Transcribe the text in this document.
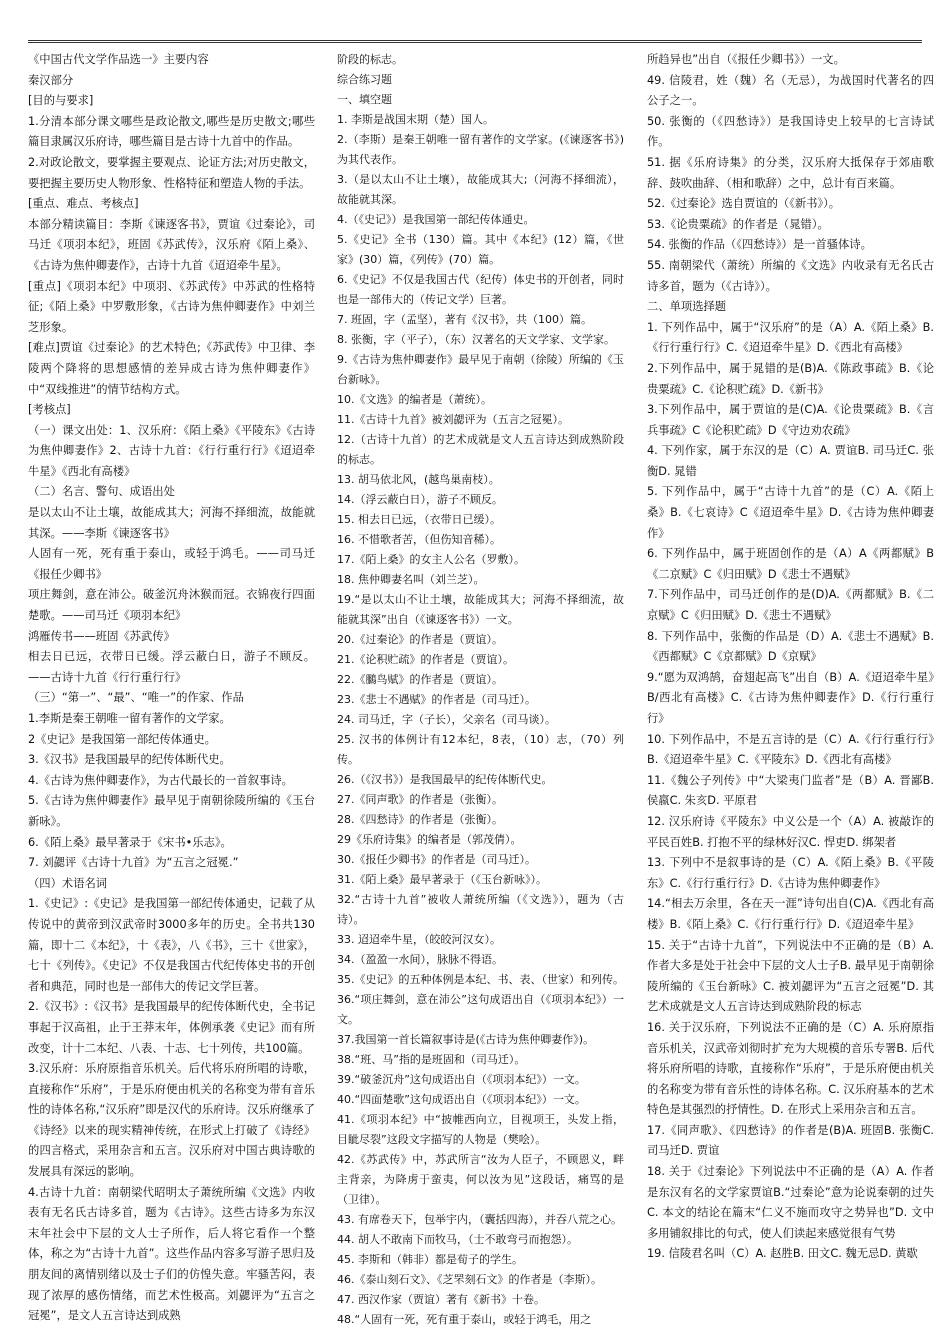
《中国古代文学作品选一》主要内容

秦汉部分

[目的与要求]

1.分清本部分课文哪些是政论散文,哪些是历史散文;哪些篇目隶属汉乐府诗，哪些篇目是古诗十九首中的作品。

2.对政论散文，要掌握主要观点、论证方法;对历史散文，要把握主要历史人物形象、性格特征和塑造人物的手法。

[重点、难点、考核点]

本部分精读篇目：李斯《谏逐客书》，贾谊《过秦论》，司马迁《项羽本纪》，班固《苏武传》，汉乐府《陌上桑》、《古诗为焦仲卿妻作》，古诗十九首《迢迢牵牛星》。

[重点]《项羽本纪》中项羽、《苏武传》中苏武的性格特征;《陌上桑》中罗敷形象，《古诗为焦仲卿妻作》中刘兰芝形象。

[难点]贾谊《过秦论》的艺术特色;《苏武传》中卫律、李陵两个降将的思想感情的差异成古诗为焦仲卿妻作》中“双线推进”的情节结构方式。

[考核点]

（一）课文出处：1、汉乐府：《陌上桑》《平陵东》《古诗为焦仲卿妻作》2、古诗十九首：《行行重行行》《迢迢牵牛星》《西北有高楼》

（二）名言、警句、成语出处

是以太山不让土壤，故能成其大；河海不择细流，故能就其深。——李斯《谏逐客书》

人固有一死，死有重于泰山，或轻于鸿毛。——司马迁《报任少卿书》

项庄舞剑，意在沛公。破釜沉舟沐猴而冠。衣锦夜行四面楚歌。——司马迁《项羽本纪》

鸿雁传书——班固《苏武传》

相去日已远，衣带日已缓。浮云蔽白日，游子不顾反。——古诗十九首《行行重行行》

（三）“第一”、“最”、“唯一”的作家、作品

1.李斯是秦王朝唯一留有著作的文学家。

2《史记》是我国第一部纪传体通史。

3.《汉书》是我国最早的纪传体断代史。

4.《古诗为焦仲卿妻作》，为古代最长的一首叙事诗。

5.《古诗为焦仲卿妻作》最早见于南朝徐陵所编的《玉台新咏》。

6.《陌上桑》最早著录于《宋书•乐志》。

7. 刘勰评《古诗十九首》为“五言之冠冕.”

（四）术语名词

1.《史记》:《史记》是我国第一部纪传体通史，记载了从传说中的黄帝到汉武帝时3000多年的历史。全书共130篇，即十二《本纪》，十《表》，八《书》，三十《世家》，七十《列传》。《史记》不仅是我国古代纪传体史书的开创者和典范，同时也是一部伟大的传记文学巨著。

2.《汉书》:《汉书》是我国最早的纪传体断代史，全书记事起于汉高祖，止于王莽末年，体例承袭《史记》而有所改变，计十二本纪、八表、十志、七十列传，共100篇。

3.汉乐府：乐府原指音乐机关。后代将乐府所唱的诗歌，直接称作“乐府”，于是乐府便由机关的名称变为带有音乐性的诗体名称,“汉乐府”即是汉代的乐府诗。汉乐府继承了《诗经》以来的现实精神传统，在形式上打破了《诗经》的四言格式，采用杂言和五言。汉乐府对中国古典诗歌的发展具有深远的影响。

4.古诗十九首：南朝梁代昭明太子萧统所编《文选》内收表有无名氏古诗多首，题为《古诗》。这些古诗多为东汉末年社会中下层的文人士子所作，后人将它看作一个整体，称之为“古诗十九首”。这些作品内容多写游子思归及朋友间的离情别绪以及士子们的仿惶失意。牢骚苦闷，表现了浓厚的感伤情绪，而艺术性极高。刘勰评为“五言之冠冕”，是文人五言诗达到成熟

阶段的标志。

综合练习题

一、填空题

1. 李斯是战国末期（楚）国人。

2.（李斯）是秦王朝唯一留有著作的文学家。(《谏逐客书》)为其代表作。

3.（是以太山不让土壤），故能成其大;（河海不择细流），故能就其深。

4.（《史记》）是我国第一部纪传体通史。

5.《史记》全书（130）篇。其中《本纪》(12）篇，《世家》(30）篇，《列传》(70）篇。

6.《史记》不仅是我国古代（纪传）体史书的开创者，同时也是一部伟大的（传记文学）巨著。

7. 班固，字（孟坚），著有《汉书》，共（100）篇。

8. 张衡，字（平子），（东）汉著名的天文学家、文学家。

9.《古诗为焦仲卿妻作》最早见于南朝（徐陵）所编的《玉台新咏》。

10.《文选》的编者是（萧统）。

11.《古诗十九首》被刘勰评为（五言之冠冕）。

12.（古诗十九首）的艺术成就是文人五言诗达到成熟阶段的标志。

13. 胡马依北风，(越鸟巢南枝）。

14.（浮云蔽白日），游子不顾反。

15. 相去日已远，（衣带日已缓）。

16. 不惜歌者苦，（但伤知音稀）。

17.《陌上桑》的女主人公名（罗敷）。

18. 焦仲卿妻名叫（刘兰芝）。

19.“是以太山不让土壤，故能成其大；河海不择细流，故能就其深”出自（《谏逐客书》）一文。

20.《过秦论》的作者是（贾谊）。

21.《论积贮疏》的作者是（贾谊）。

22.《鵩鸟赋》的作者是（贾谊）。

23.《悲士不遇赋》的作者是（司马迁）。

24. 司马迁，字（子长），父亲名（司马谈）。

25. 汉书的体例计有12本纪，8表，（10）志，（70）列传。

26.（《汉书》）是我国最早的纪传体断代史。

27.《同声歌》的作者是（张衡）。

28.《四愁诗》的作者是（张衡）。

29《乐府诗集》的编者是（郭茂倩）。

30.《报任少卿书》的作者是（司马迁）。

31.《陌上桑》最早著录于（《玉台新咏》）。

32.“古诗十九首”被收人萧统所编（《文选》），题为（古诗）。

33. 迢迢牵牛星，（皎皎河汉女）。

34.（盈盈一水间），脉脉不得语。

35.《史记》的五种体例是本纪、书、表、（世家）和列传。

36.“项庄舞剑，意在沛公”这句成语出自（《项羽本纪》）一文。

37.我国第一首长篇叙事诗是(《古诗为焦仲卿妻作》)。

38.“班、马”指的是班固和（司马迁）。

39.“破釜沉舟”这句成语出自（《项羽本纪》）一文。

40.“四面楚歌”这句成语出自（《项羽本纪》）一文。

41.《项羽本纪》中“披帷西向立，目视项王，头发上指，目眦尽裂”这段文字描写的人物是（樊哙）。

42.《苏武传》中，苏武所言“汝为人臣子，不顾恩义，畔主背亲，为降虏于蛮夷，何以汝为见”这段话，痛骂的是（卫律）。

43. 有席卷天下，包举宇内，（囊括四海），并吞八荒之心。

44. 胡人不敢南下而牧马，（士不敢弯弓而抱怨）。

45. 李斯和（韩非）都是荀子的学生。

46.《泰山刻石文》、《芝罘刻石文》的作者是（李斯）。

47. 西汉作家（贾谊）著有《新书》十卷。

48.“人固有一死，死有重于泰山，或轻于鸿毛，用之

所趋异也”出自（《报任少卿书》）一文。

49. 信陵君，姓（魏）名（无忌），为战国时代著名的四公子之一。

50. 张衡的（《四愁诗》）是我国诗史上较早的七言诗试作。

51. 据《乐府诗集》的分类，汉乐府大抵保存于郊庙歌辞、鼓吹曲辞、（相和歌辞）之中，总计有百来篇。

52.《过秦论》选自贾谊的（《新书》）。

53.《论贵粟疏》的作者是（晁错）。

54. 张衡的作品（《四愁诗》）是一首骚体诗。

55. 南朝梁代（萧统）所编的《文选》内收录有无名氏古诗多首，题为（《古诗》）。

二、单项选择题

1. 下列作品中，属于“汉乐府”的是（A）A.《陌上桑》B.《行行重行行》C.《迢迢牵牛星》D.《西北有高楼》

2.下列作品中，属于晁错的是(B)A.《陈政事疏》B.《论贵粟疏》C.《论积贮疏》D.《新书》

3.下列作品中，属于贾谊的是(C)A.《论贵粟疏》B.《言兵事疏》C《论积贮疏》D《守边劝农疏》

4. 下列作家，属于东汉的是（C）A. 贾谊B. 司马迁C. 张衡D. 晁错

5. 下列作品中，属于“古诗十九首”的是（C）A.《陌上桑》B.《七哀诗》C《迢迢牵牛星》D.《古诗为焦仲卿妻作》

6. 下列作品中，属于班固创作的是（A）A《两都赋》B《二京赋》C《归田赋》D《悲士不遇赋》

7.下列作品中，司马迁创作的是(D)A.《两都赋》B.《二京赋》C《归田赋》D.《悲士不遇赋》

8. 下列作品中，张衡的作品是（D）A.《悲士不遇赋》B.《西都赋》C《京都赋》D《京赋》

9.“愿为双鸿鹄，奋翅起高飞”出自（B）A.《迢迢牵牛星》B/西北有高楼》C.《古诗为焦仲卿妻作》D.《行行重行行》

10. 下列作品中，不是五言诗的是（C）A.《行行重行行》B.《迢迢牵牛星》C.《平陵东》D.《西北有高楼》

11.《魏公子列传》中“大梁夷门监者”是（B）A. 晋鄙B. 侯嬴C. 朱亥D. 平原君

12. 汉乐府诗《平陵东》中义公是一个（A）A. 被敲诈的平民百姓B. 打抱不平的绿林好汉C. 悍吏D. 绑架者

13. 下列中不是叙事诗的是（C）A.《陌上桑》B.《平陵东》C.《行行重行行》D.《古诗为焦仲卿妻作》

14.“相去万余里，各在天一涯”诗句出自(C)A.《西北有高楼》B.《陌上桑》C.《行行重行行》D.《迢迢牵牛星》

15. 关于“古诗十九首”，下列说法中不正确的是（B）A. 作者大多是处于社会中下层的文人士子B. 最早见于南朝徐陵所编的《玉台新咏》C. 被刘勰评为“五言之冠冕”D. 其艺术成就是文人五言诗达到成熟阶段的标志

16. 关于汉乐府，下列说法不正确的是（C）A. 乐府原指音乐机关，汉武帝刘彻时扩充为大规模的音乐专署B. 后代将乐府所唱的诗歌，直接称作“乐府”，于是乐府便由机关的名称变为带有音乐性的诗体名称。C. 汉乐府基本的艺术特色是其强烈的抒情性。D. 在形式上采用杂言和五言。

17.《同声歌》、《四愁诗》的作者是(B)A. 班固B. 张衡C. 司马迁D. 贾谊

18. 关于《过秦论》下列说法中不正确的是（A）A. 作者是东汉有名的文学家贾谊B.“过秦论”意为论说秦朝的过失 C. 本文的结论在篇末“仁义不施而攻守之势异也”D. 文中多用铺叙排比的句式，使人们读起来感觉很有气势

19. 信陵君名叫（C）A. 赵胜B. 田文C. 魏无忌D. 黄歇
